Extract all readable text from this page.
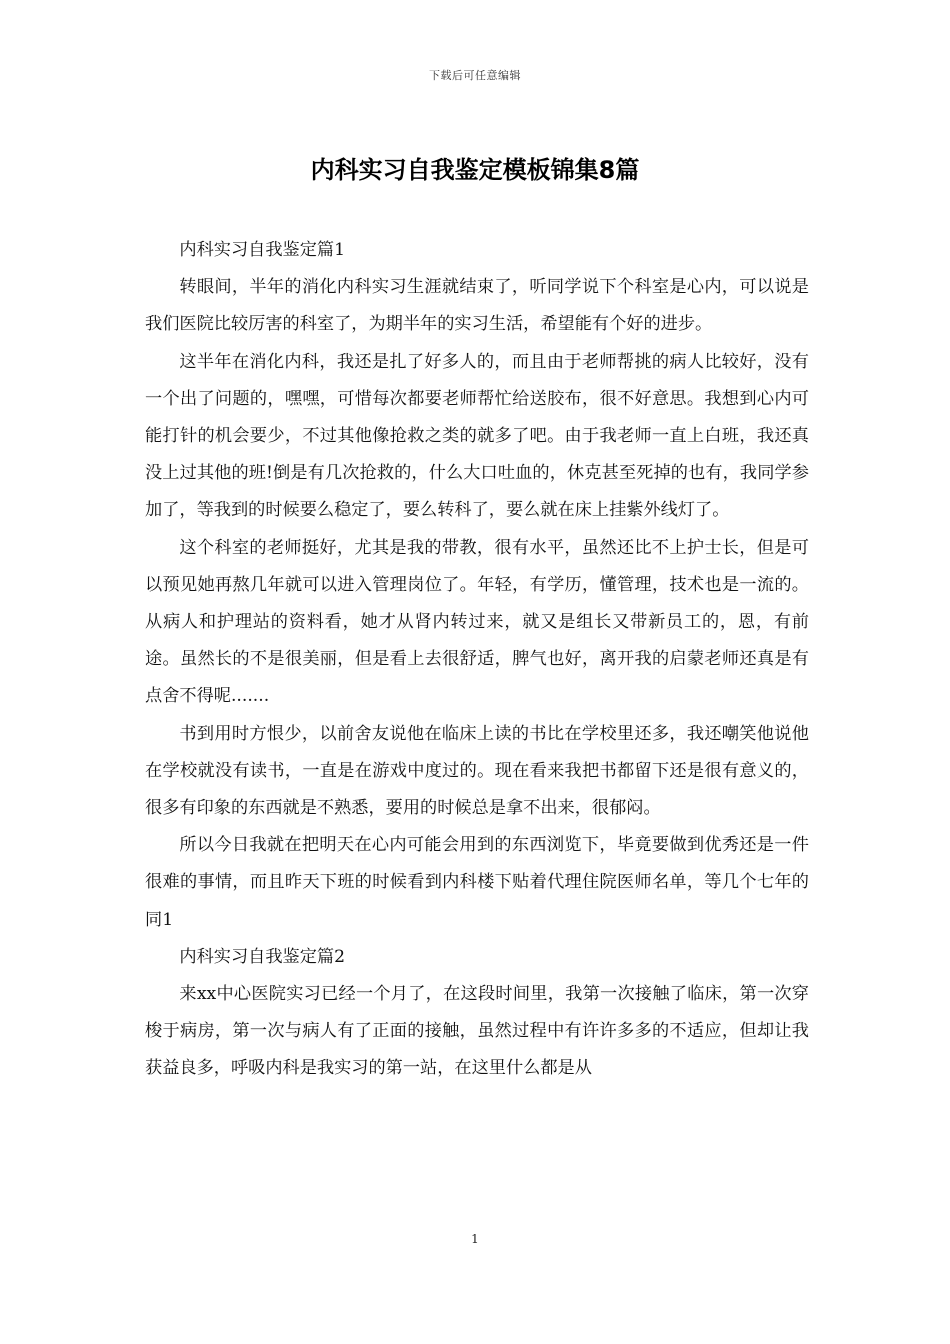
下载后可任意编辑
内科实习自我鉴定模板锦集8篇

内科实习自我鉴定篇1

转眼间，半年的消化内科实习生涯就结束了，听同学说下个科室是心内，可以说是我们医院比较厉害的科室了，为期半年的实习生活，希望能有个好的进步。

这半年在消化内科，我还是扎了好多人的，而且由于老师帮挑的病人比较好，没有一个出了问题的，嘿嘿，可惜每次都要老师帮忙给送胶布，很不好意思。我想到心内可能打针的机会要少，不过其他像抢救之类的就多了吧。由于我老师一直上白班，我还真没上过其他的班!倒是有几次抢救的，什么大口吐血的，休克甚至死掉的也有，我同学参加了，等我到的时候要么稳定了，要么转科了，要么就在床上挂紫外线灯了。

这个科室的老师挺好，尤其是我的带教，很有水平，虽然还比不上护士长，但是可以预见她再熬几年就可以进入管理岗位了。年轻，有学历，懂管理，技术也是一流的。从病人和护理站的资料看，她才从肾内转过来，就又是组长又带新员工的，恩，有前途。虽然长的不是很美丽，但是看上去很舒适，脾气也好，离开我的启蒙老师还真是有点舍不得呢.......

书到用时方恨少，以前舍友说他在临床上读的书比在学校里还多，我还嘲笑他说他在学校就没有读书，一直是在游戏中度过的。现在看来我把书都留下还是很有意义的，很多有印象的东西就是不熟悉，要用的时候总是拿不出来，很郁闷。

所以今日我就在把明天在心内可能会用到的东西浏览下，毕竟要做到优秀还是一件很难的事情，而且昨天下班的时候看到内科楼下贴着代理住院医师名单，等几个七年的同1

内科实习自我鉴定篇2

来xx中心医院实习已经一个月了，在这段时间里，我第一次接触了临床，第一次穿梭于病房，第一次与病人有了正面的接触，虽然过程中有许许多多的不适应，但却让我获益良多，呼吸内科是我实习的第一站，在这里什么都是从

1
